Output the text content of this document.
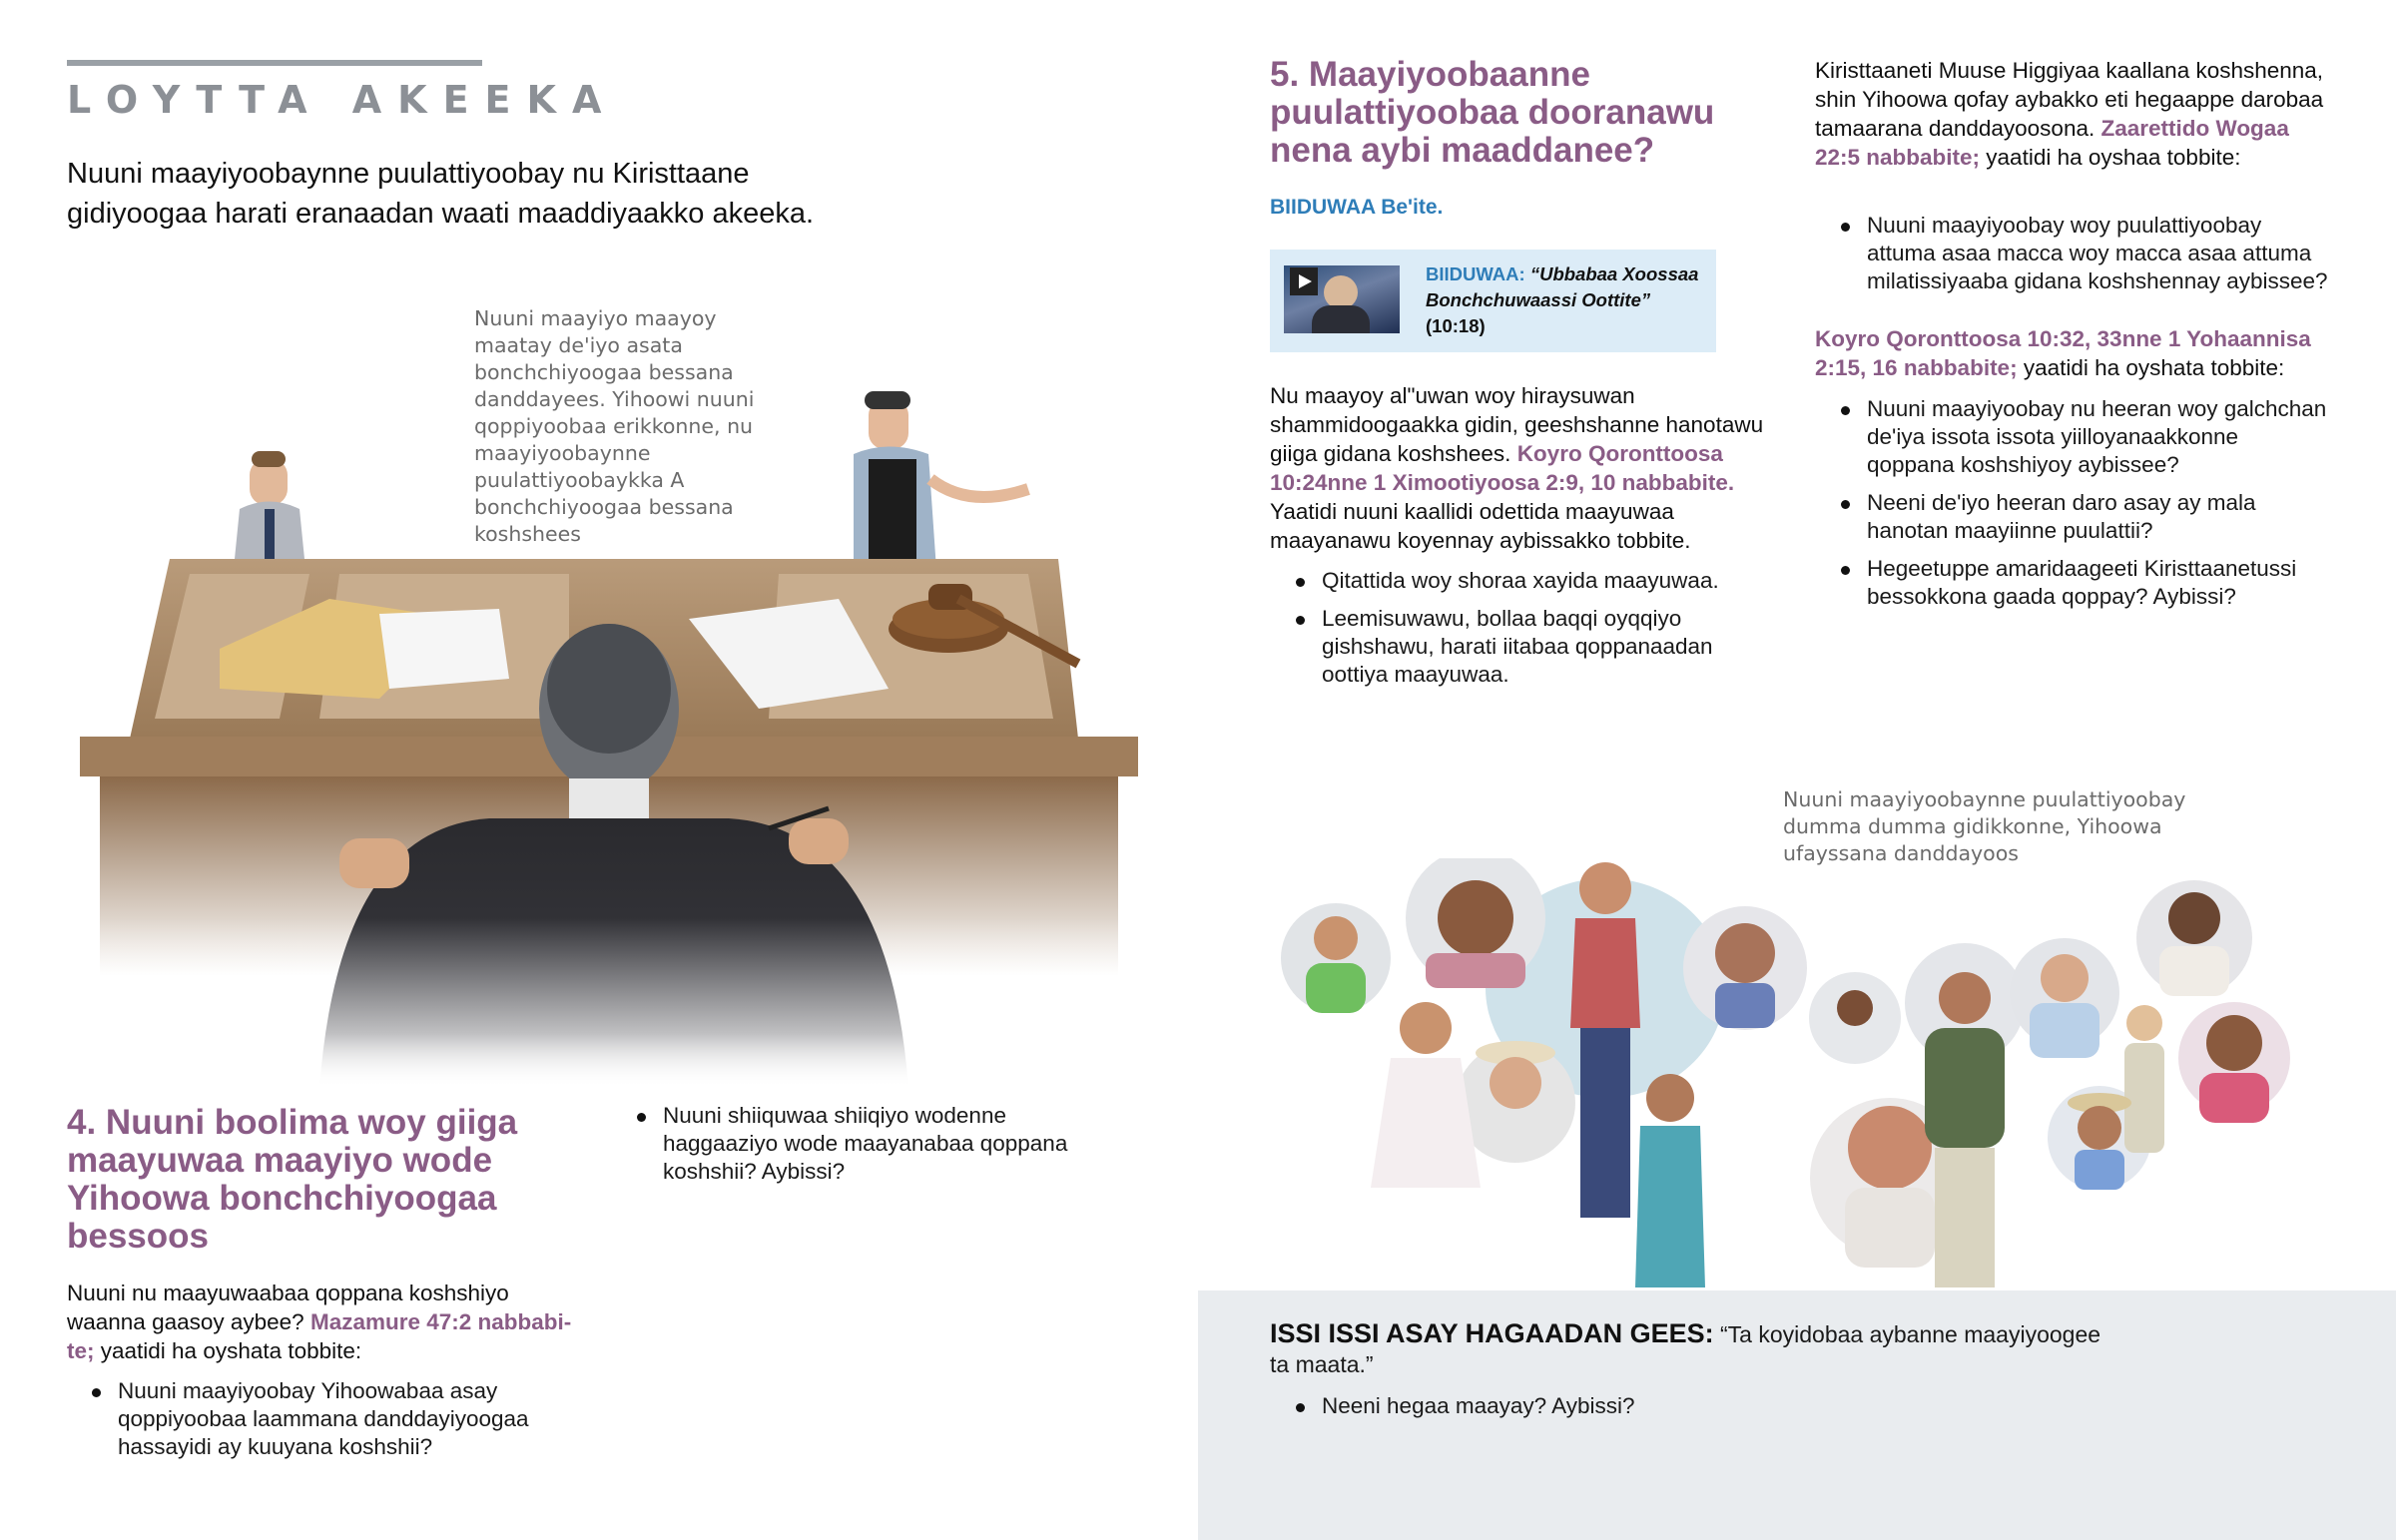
LOYTTA AKEEKA
Nuuni maayiyoobaynne puulattiyoobay nu Kiristtaane gidiyoogaa harati eranaadan waati maaddiyaakko akeeka.
Nuuni maayiyo maayoy maatay de'iyo asata bonchchiyoogaa bessana danddayees. Yihoowi nuuni qoppiyoobaa erikkonne, nu maayiyoobaynne puulattiyoobaykka A bonchchiyoogaa bessana koshshees
4. Nuuni boolima woy giiga maayuwaa maayiyo wode Yihoowa bonchchiyoogaa bessoos
Nuuni nu maayuwaabaa qoppana koshshiyo waanna gaasoy aybee? Mazamure 47:2 nabbabite; yaatidi ha oyshata tobbite:
Nuuni maayiyoobay Yihoowabaa asay qoppiyoobaa laammana danddayiyoogaa hassayidi ay kuuyana koshshii?
Nuuni shiiquwaa shiiqiyo wodenne haggaaziyo wode maayanabaa qoppana koshshii? Aybissi?
5. Maayiyoobaanne puulattiyoobaa dooranawu nena aybi maaddanee?
BIIDUWAA Be'ite.
BIIDUWAA: “Ubbabaa Xoossaa Bonchchuwaassi Oottite” (10:18)
Nu maayoy al"uwan woy hiraysuwan shammidoogaakka gidin, geeshshanne hanotawu giiga gidana koshshees. Koyro Qoronttoosa 10:24nne 1 Ximootiyoosa 2:9, 10 nabbabite. Yaatidi nuuni kaallidi odettida maayuwaa maayanawu koyennay aybissakko tobbite.
Qitattida woy shoraa xayida maayuwaa.
Leemisuwawu, bollaa baqqi oyqqiyo gishshawu, harati iitabaa qoppanaadan oottiya maayuwaa.
Kiristtaaneti Muuse Higgiyaa kaallana koshshenna, shin Yihoowa qofay aybakko eti hegaappe darobaa tamaarana danddayoosona. Zaarettido Wogaa 22:5 nabbabite; yaatidi ha oyshaa tobbite:
Nuuni maayiyoobay woy puulattiyoobay attuma asaa macca woy macca asaa attuma milatissiyaaba gidana koshshennay aybissee?
Koyro Qoronttoosa 10:32, 33nne 1 Yohaannisa 2:15, 16 nabbabite; yaatidi ha oyshata tobbite:
Nuuni maayiyoobay nu heeran woy galchchan de'iya issota issota yiilloyanaakkonne qoppana koshshiyoy aybissee?
Neeni de'iyo heeran daro asay ay mala hanotan maayiinne puulattii?
Hegeetuppe amaridaageeti Kiristtaanetussi bessokkona gaada qoppay? Aybissi?
Nuuni maayiyoobaynne puulattiyoobay dumma dumma gidikkonne, Yihoowa ufayssana danddayoos
ISSI ISSI ASAY HAGAADAN GEES: “Ta koyidobaa aybanne maayiyoogee ta maata.”
Neeni hegaa maayay? Aybissi?
